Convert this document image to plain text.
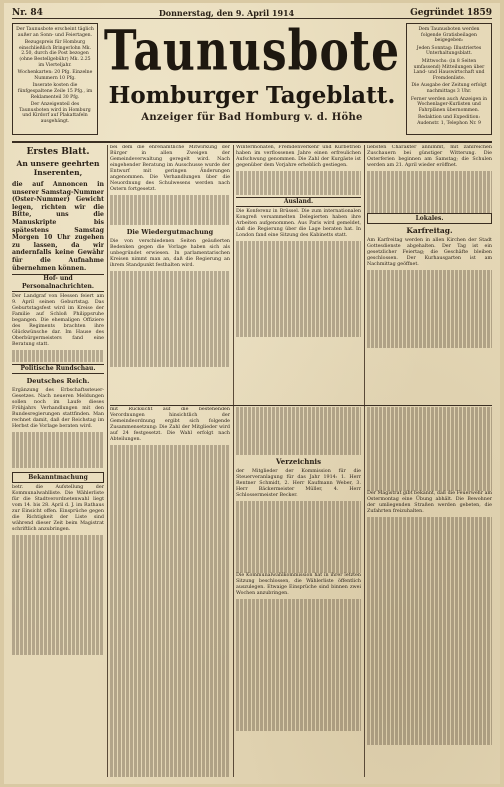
Nr. 84	Donnerstag, den 9. April 1914	Gegründet 1859

Der Taunusbote erscheint täglich außer an Sonn- und Feiertagen.

Bezugspreis für Homburg einschließlich Bringerlohn Mk. 2.50, durch die Post bezogen (ohne Bestellgebühr) Mk. 2.25 im Vierteljahr.

Wochenkarten: 20 Pfg. Einzelne Nummern 10 Pfg.

Inserate kosten die fünfgespaltene Zeile 15 Pfg., im Reklamenteil 30 Pfg.

Der Anzeigenteil des Taunusboten wird in Homburg und Kirdorf auf Plakattafeln ausgehängt.

Taunusbote
Homburger Tageblatt.
Anzeiger für Bad Homburg v. d. Höhe

Dem Taunusboten werden folgende Gratisbeilagen beigegeben:

Jeden Sonntag: Illustriertes Unterhaltungsblatt.

Mittwochs: (in 8 Seiten umfassend) Mitteilungen über Land- und Hauswirtschaft und Fremdenliste.

Die Ausgabe der Zeitung erfolgt nachmittags 3 Uhr.

Ferner werden auch Anzeigen in Wochenlager-Kurlisten und Fahrplänen übernommen.

Redaktion und Expedition: Audenstr. 1, Telephon Nr. 9

Erstes Blatt.
An unsere geehrten Inserenten,
die auf Annoncen in unserer Samstag-Nummer (Oster-Nummer) Gewicht legen, richten wir die Bitte, uns die Manuskripte bis spätestens Samstag Morgen 10 Uhr zugehen zu lassen, da wir andernfalls keine Gewähr für die Aufnahme übernehmen können.
Hof- und Personalnachrichten.
Der Landgraf von Hessen feiert am 9. April seinen Geburtstag. Das Geburtstagsfest wird im Kreise der Familie auf Schloß Philippsruhe begangen. Die ehemaligen Offiziere des Regiments brachten ihre Glückwünsche dar. Im Hause des Oberbürgermeisters fand eine Beratung statt.
Politische Rundschau.
Deutsches Reich.
Ergänzung des Erbschaftssteuer-Gesetzes. Nach neueren Meldungen sollen noch im Laufe dieses Frühjahrs Verhandlungen mit den Bundesregierungen stattfinden. Man rechnet damit, daß der Reichstag im Herbst die Vorlage beraten wird.
Bekanntmachung
betr. die Aufstellung der Kommunalwahlliste. Die Wählerliste für die Stadtverordnetenwahl liegt vom 14. bis 28. April d. J. im Rathaus zur Einsicht offen. Einsprüche gegen die Richtigkeit der Liste sind während dieser Zeit beim Magistrat schriftlich anzubringen.
bei dem die ehrenamtliche Mitwirkung der Bürger in allen Zweigen der Gemeindeverwaltung geregelt wird. Nach eingehender Beratung im Ausschusse wurde der Entwurf mit geringen Änderungen angenommen. Die Verhandlungen über die Neuordnung des Schulwesens werden nach Ostern fortgesetzt.
Die Wiedergutmachung
Die von verschiedenen Seiten geäußerten Bedenken gegen die Vorlage haben sich als unbegründet erwiesen. In parlamentarischen Kreisen nimmt man an, daß die Regierung an ihrem Standpunkt festhalten wird.
Wintermonaten, Fremdenverkehr und Kurbetrieb haben im verflossenen Jahre einen erfreulichen Aufschwung genommen. Die Zahl der Kurgäste ist gegenüber dem Vorjahre erheblich gestiegen.
Ausland.
Die Konferenz in Brüssel. Die zum internationalen Kongreß versammelten Delegierten haben ihre Arbeiten aufgenommen. Aus Paris wird gemeldet, daß die Regierung über die Lage beraten hat. In London fand eine Sitzung des Kabinetts statt.
liebsten Charakter annimmt, mit zahlreichen Zuschauern bei günstiger Witterung. Die Osterferien beginnen am Samstag; die Schulen werden am 21. April wieder eröffnet.
Lokales.
Karfreitag.
Am Karfreitag werden in allen Kirchen der Stadt Gottesdienste abgehalten. Der Tag ist ein gesetzlicher Feiertag; die Geschäfte bleiben geschlossen. Der Kurhausgarten ist am Nachmittag geöffnet.
mit Rücksicht auf die bestehenden Verordnungen hinsichtlich der Gemeindeordnung ergibt sich folgende Zusammensetzung: Die Zahl der Mitglieder wird auf 24 festgesetzt. Die Wahl erfolgt nach Abteilungen.
Verzeichnis
der Mitglieder der Kommission für die Steuerveranlagung für das Jahr 1914: 1. Herr Rentner Schmidt, 2. Herr Kaufmann Weber, 3. Herr Bäckermeister Müller, 4. Herr Schlossermeister Becker.
Die Kommunalwahlkommission hat in ihrer letzten Sitzung beschlossen, die Wählerliste öffentlich auszulegen. Etwaige Einsprüche sind binnen zwei Wochen anzubringen.
Der Magistrat gibt bekannt, daß die Feuerwehr am Ostermontag eine Übung abhält. Die Bewohner der umliegenden Straßen werden gebeten, die Zufahrten freizuhalten.
